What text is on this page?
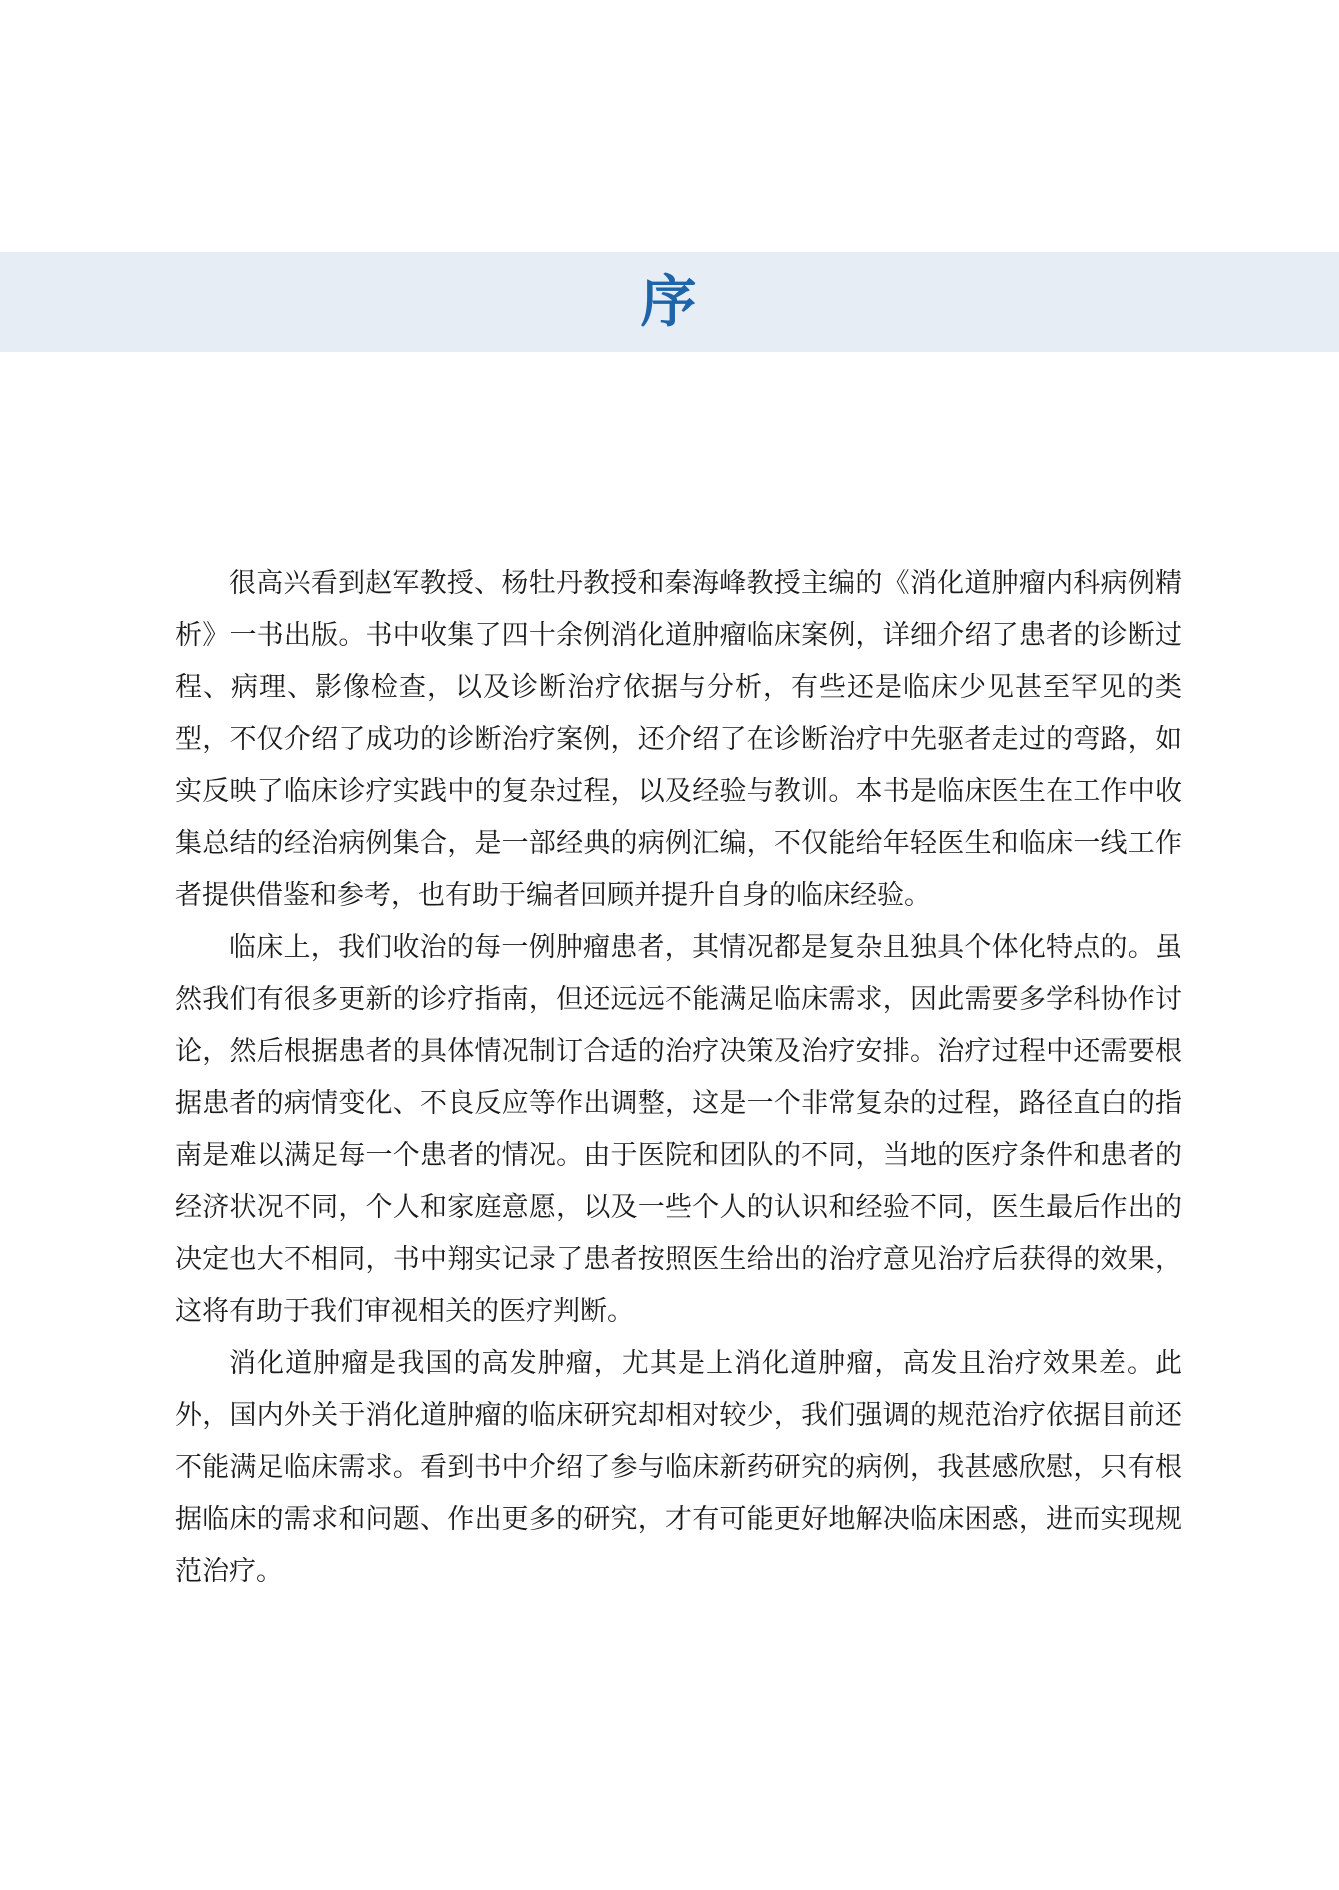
序

很高兴看到赵军教授、杨牡丹教授和秦海峰教授主编的《消化道肿瘤内科病例精析》一书出版。书中收集了四十余例消化道肿瘤临床案例，详细介绍了患者的诊断过程、病理、影像检查，以及诊断治疗依据与分析，有些还是临床少见甚至罕见的类型，不仅介绍了成功的诊断治疗案例，还介绍了在诊断治疗中先驱者走过的弯路，如实反映了临床诊疗实践中的复杂过程，以及经验与教训。本书是临床医生在工作中收集总结的经治病例集合，是一部经典的病例汇编，不仅能给年轻医生和临床一线工作者提供借鉴和参考，也有助于编者回顾并提升自身的临床经验。

临床上，我们收治的每一例肿瘤患者，其情况都是复杂且独具个体化特点的。虽然我们有很多更新的诊疗指南，但还远远不能满足临床需求，因此需要多学科协作讨论，然后根据患者的具体情况制订合适的治疗决策及治疗安排。治疗过程中还需要根据患者的病情变化、不良反应等作出调整，这是一个非常复杂的过程，路径直白的指南是难以满足每一个患者的情况。由于医院和团队的不同，当地的医疗条件和患者的经济状况不同，个人和家庭意愿，以及一些个人的认识和经验不同，医生最后作出的决定也大不相同，书中翔实记录了患者按照医生给出的治疗意见治疗后获得的效果，这将有助于我们审视相关的医疗判断。

消化道肿瘤是我国的高发肿瘤，尤其是上消化道肿瘤，高发且治疗效果差。此外，国内外关于消化道肿瘤的临床研究却相对较少，我们强调的规范治疗依据目前还不能满足临床需求。看到书中介绍了参与临床新药研究的病例，我甚感欣慰，只有根据临床的需求和问题、作出更多的研究，才有可能更好地解决临床困惑，进而实现规范治疗。
